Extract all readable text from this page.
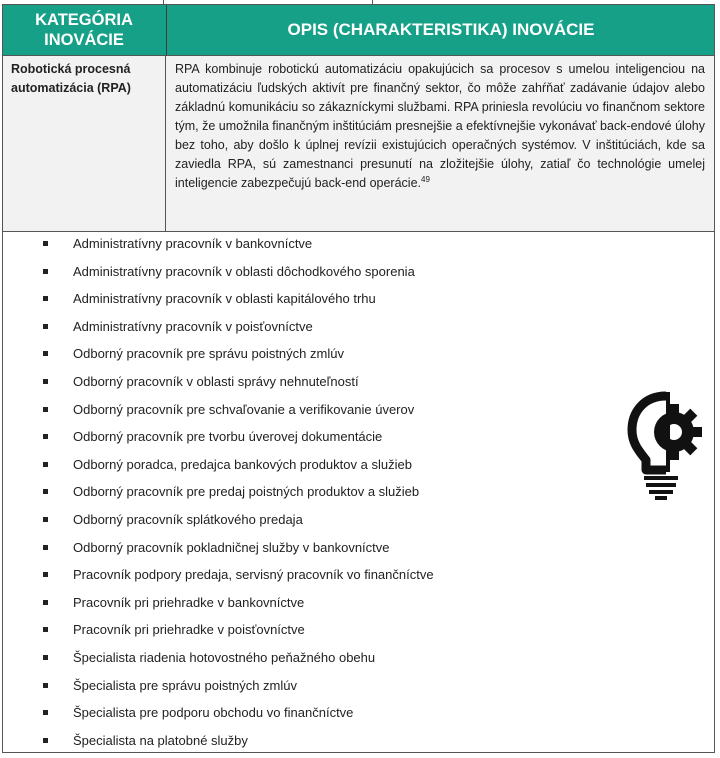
KATEGÓRIA INOVÁCIE
OPIS (CHARAKTERISTIKA) INOVÁCIE
Robotická procesná automatizácia (RPA)
RPA kombinuje robotickú automatizáciu opakujúcich sa procesov s umelou inteligenciou na automatizáciu ľudských aktivít pre finančný sektor, čo môže zahŕňať zadávanie údajov alebo základnú komunikáciu so zákazníckymi službami. RPA priniesla revolúciu vo finančnom sektore tým, že umožnila finančným inštitúciám presnejšie a efektívnejšie vykonávať back-endové úlohy bez toho, aby došlo k úplnej revízii existujúcich operačných systémov. V inštitúciách, kde sa zaviedla RPA, sú zamestnanci presunutí na zložitejšie úlohy, zatiaľ čo technológie umelej inteligencie zabezpečujú back-end operácie.$^{49}$
Administratívny pracovník v bankovníctve
Administratívny pracovník v oblasti dôchodkového sporenia
Administratívny pracovník v oblasti kapitálového trhu
Administratívny pracovník v poisťovníctve
Odborný pracovník pre správu poistných zmlúv
Odborný pracovník v oblasti správy nehnuteľností
Odborný pracovník pre schvaľovanie a verifikovanie úverov
Odborný pracovník pre tvorbu úverovej dokumentácie
Odborný poradca, predajca bankových produktov a služieb
Odborný pracovník pre predaj poistných produktov a služieb
Odborný pracovník splátkového predaja
Odborný pracovník pokladničnej služby v bankovníctve
Pracovník podpory predaja, servisný pracovník vo finančníctve
Pracovník pri priehradke v bankovníctve
Pracovník pri priehradke v poisťovníctve
Špecialista riadenia hotovostného peňažného obehu
Špecialista pre správu poistných zmlúv
Špecialista pre podporu obchodu vo finančníctve
Špecialista na platobné služby
